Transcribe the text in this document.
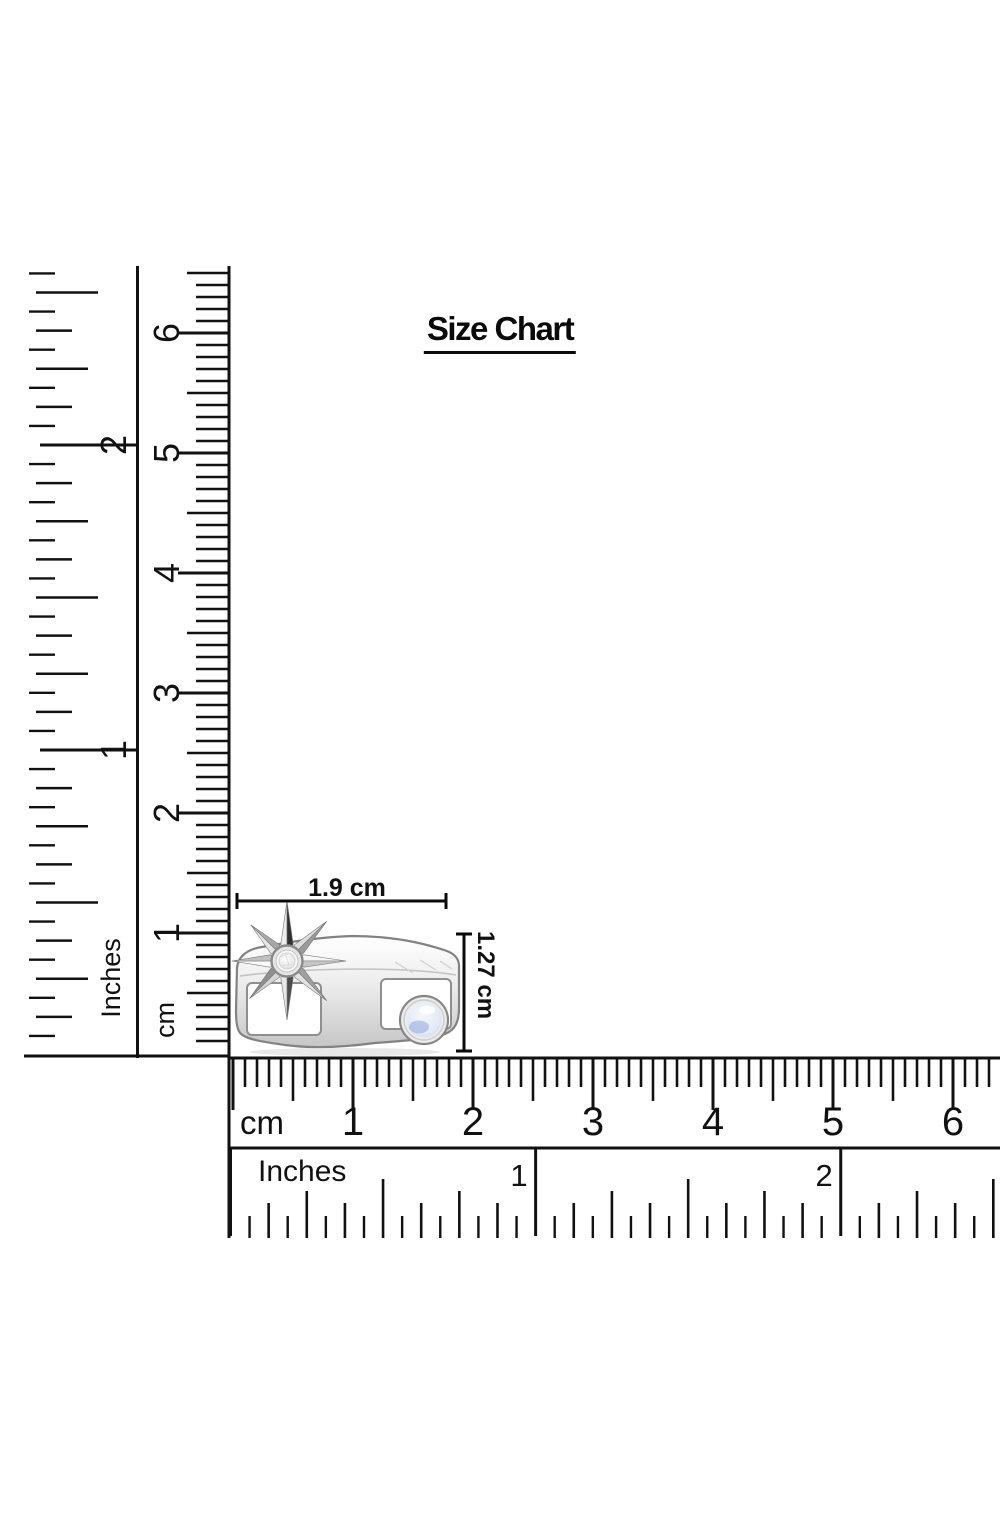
Size Chart
1
2
1
2
3
4
5
6
1 2 3 4 5 6
1	2
Inches
cm
cm
Inches
1.9 cm
1.27 cm
